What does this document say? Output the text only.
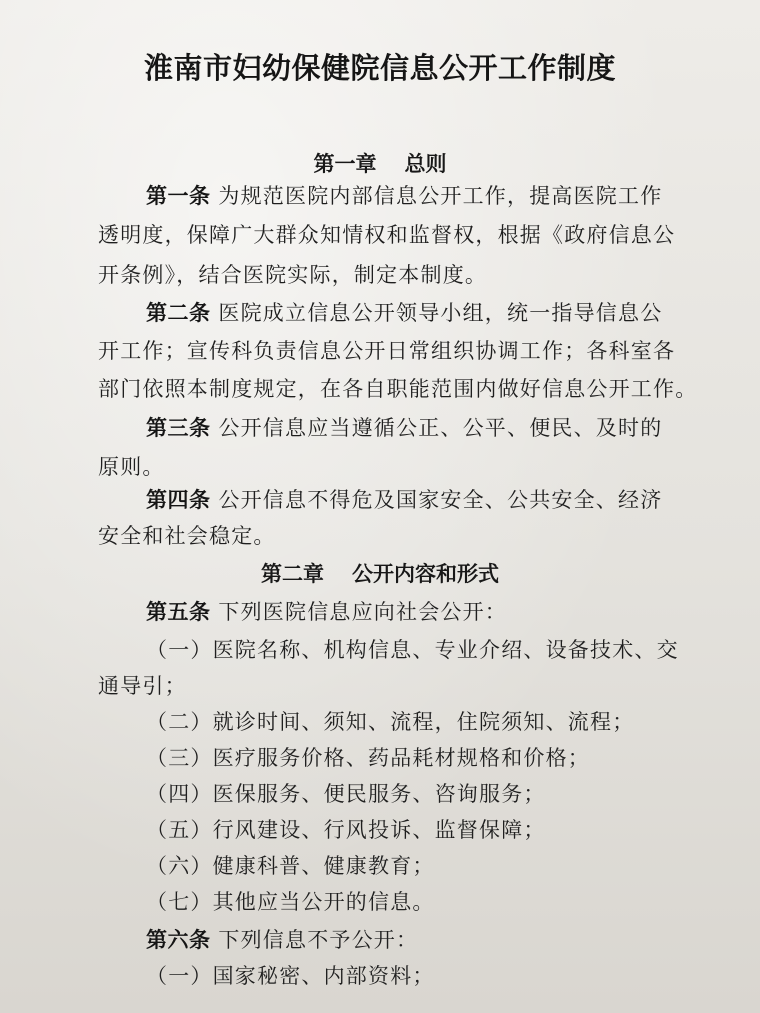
淮南市妇幼保健院信息公开工作制度
第一章 总则
第一条 为规范医院内部信息公开工作，提高医院工作
透明度，保障广大群众知情权和监督权，根据《政府信息公
开条例》，结合医院实际，制定本制度。
第二条 医院成立信息公开领导小组，统一指导信息公
开工作；宣传科负责信息公开日常组织协调工作；各科室各
部门依照本制度规定，在各自职能范围内做好信息公开工作。
第三条 公开信息应当遵循公正、公平、便民、及时的
原则。
第四条 公开信息不得危及国家安全、公共安全、经济
安全和社会稳定。
第二章 公开内容和形式
第五条 下列医院信息应向社会公开：
（一）医院名称、机构信息、专业介绍、设备技术、交
通导引；
（二）就诊时间、须知、流程，住院须知、流程；
（三）医疗服务价格、药品耗材规格和价格；
（四）医保服务、便民服务、咨询服务；
（五）行风建设、行风投诉、监督保障；
（六）健康科普、健康教育；
（七）其他应当公开的信息。
第六条 下列信息不予公开：
（一）国家秘密、内部资料；
